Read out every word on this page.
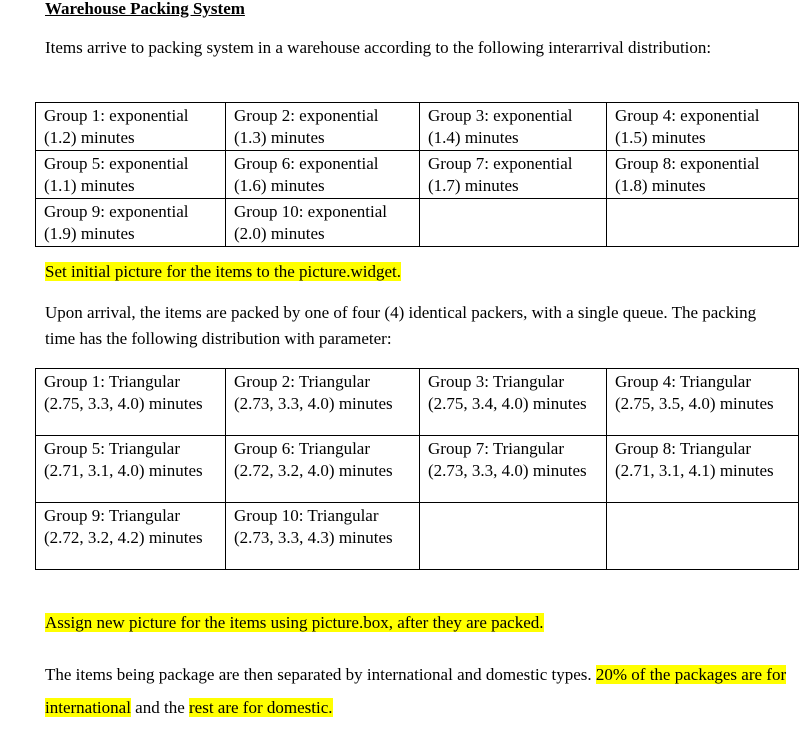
Warehouse Packing System

Items arrive to packing system in a warehouse according to the following interarrival distribution:

Group 1: exponential (1.2) minutes	Group 2: exponential (1.3) minutes	Group 3: exponential (1.4) minutes	Group 4: exponential (1.5) minutes
Group 5: exponential (1.1) minutes	Group 6: exponential (1.6) minutes	Group 7: exponential (1.7) minutes	Group 8: exponential (1.8) minutes
Group 9: exponential (1.9) minutes	Group 10: exponential (2.0) minutes		

Set initial picture for the items to the picture.widget.

Upon arrival, the items are packed by one of four (4) identical packers, with a single queue. The packing time has the following distribution with parameter:

Group 1: Triangular (2.75, 3.3, 4.0) minutes	Group 2: Triangular (2.73, 3.3, 4.0) minutes	Group 3: Triangular (2.75, 3.4, 4.0) minutes	Group 4: Triangular (2.75, 3.5, 4.0) minutes
Group 5: Triangular (2.71, 3.1, 4.0) minutes	Group 6: Triangular (2.72, 3.2, 4.0) minutes	Group 7: Triangular (2.73, 3.3, 4.0) minutes	Group 8: Triangular (2.71, 3.1, 4.1) minutes
Group 9: Triangular (2.72, 3.2, 4.2) minutes	Group 10: Triangular (2.73, 3.3, 4.3) minutes		

Assign new picture for the items using picture.box, after they are packed.

The items being package are then separated by international and domestic types. 20% of the packages are for international and the rest are for domestic.
